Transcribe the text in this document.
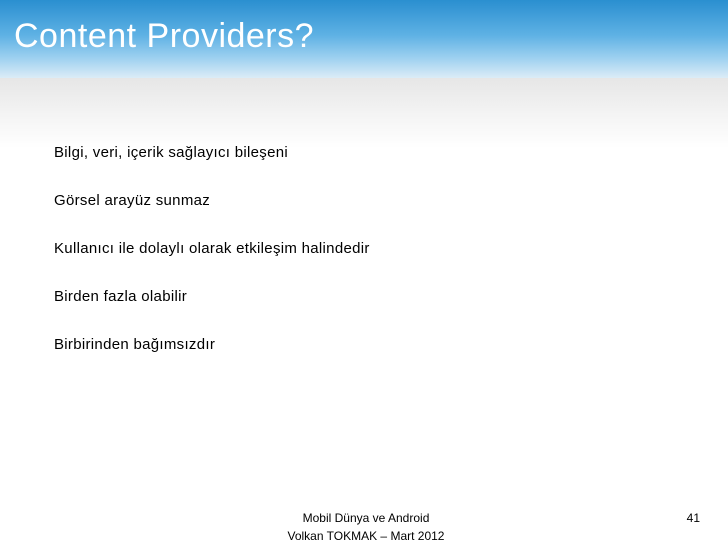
Content Providers?
Bilgi, veri, içerik sağlayıcı bileşeni
Görsel arayüz sunmaz
Kullanıcı ile dolaylı olarak etkileşim halindedir
Birden fazla olabilir
Birbirinden bağımsızdır
Mobil Dünya ve Android
Volkan TOKMAK – Mart 2012
41
